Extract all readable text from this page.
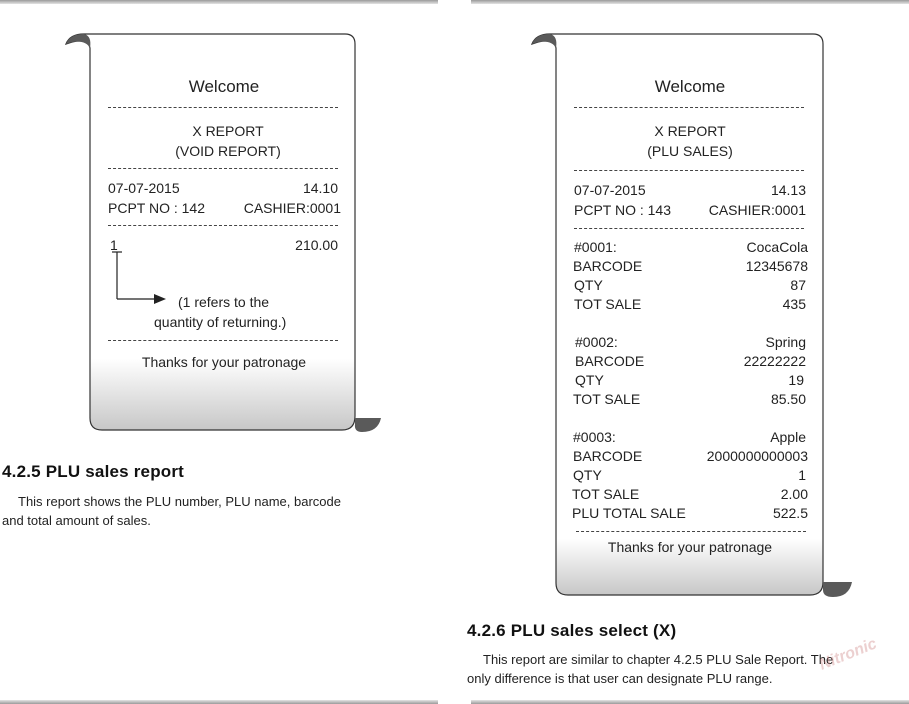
Welcome
X REPORT
(VOID REPORT)
07-07-2015	14.10
PCPT NO : 142	CASHIER:0001
1	210.00
(1 refers to the
quantity of returning.)
Thanks for your patronage
4.2.5 PLU sales report

This report shows the PLU number, PLU name, barcode
and total amount of sales.

Welcome
X REPORT
(PLU SALES)
07-07-2015	14.13
PCPT NO : 143	CASHIER:0001
#0001:	CocaCola
BARCODE	12345678
QTY	87
TOT SALE	435
#0002:	Spring
BARCODE	22222222
QTY	19
TOT SALE	85.50
#0003:	Apple
BARCODE	2000000000003
QTY	1
TOT SALE	2.00
PLU TOTAL SALE	522.5
Thanks for your patronage
4.2.6 PLU sales select (X)

This report are similar to chapter 4.2.5 PLU Sale Report. The
only difference is that user can designate PLU range.

Nitronic
